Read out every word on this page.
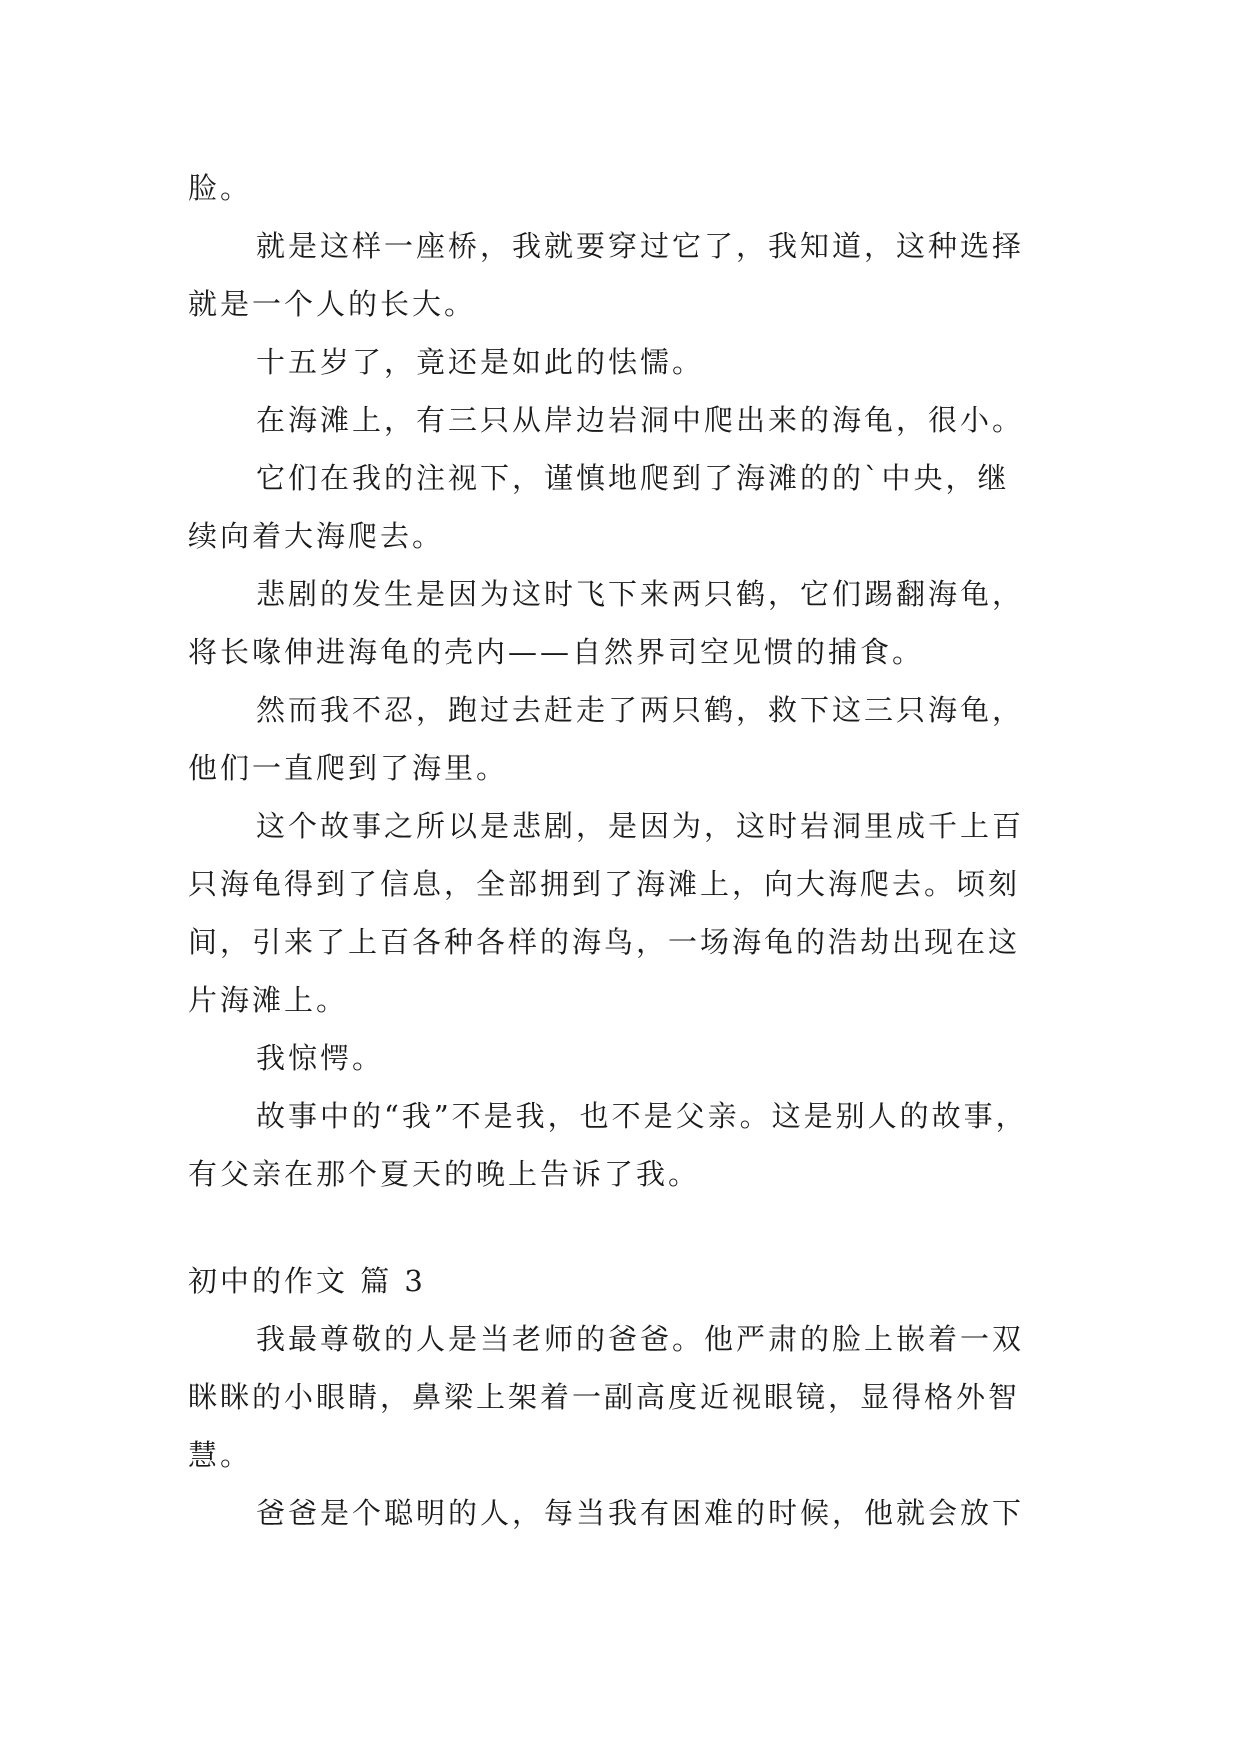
脸。
就是这样一座桥，我就要穿过它了，我知道，这种选择
就是一个人的长大。
十五岁了，竟还是如此的怯懦。
在海滩上，有三只从岸边岩洞中爬出来的海龟，很小。
它们在我的注视下，谨慎地爬到了海滩的的`中央，继
续向着大海爬去。
悲剧的发生是因为这时飞下来两只鹤，它们踢翻海龟，
将长喙伸进海龟的壳内——自然界司空见惯的捕食。
然而我不忍，跑过去赶走了两只鹤，救下这三只海龟，
他们一直爬到了海里。
这个故事之所以是悲剧，是因为，这时岩洞里成千上百
只海龟得到了信息，全部拥到了海滩上，向大海爬去。顷刻
间，引来了上百各种各样的海鸟，一场海龟的浩劫出现在这
片海滩上。
我惊愕。
故事中的“我”不是我，也不是父亲。这是别人的故事，
有父亲在那个夏天的晚上告诉了我。
初中的作文 篇 3
我最尊敬的人是当老师的爸爸。他严肃的脸上嵌着一双
眯眯的小眼睛，鼻梁上架着一副高度近视眼镜，显得格外智
慧。
爸爸是个聪明的人，每当我有困难的时候，他就会放下
